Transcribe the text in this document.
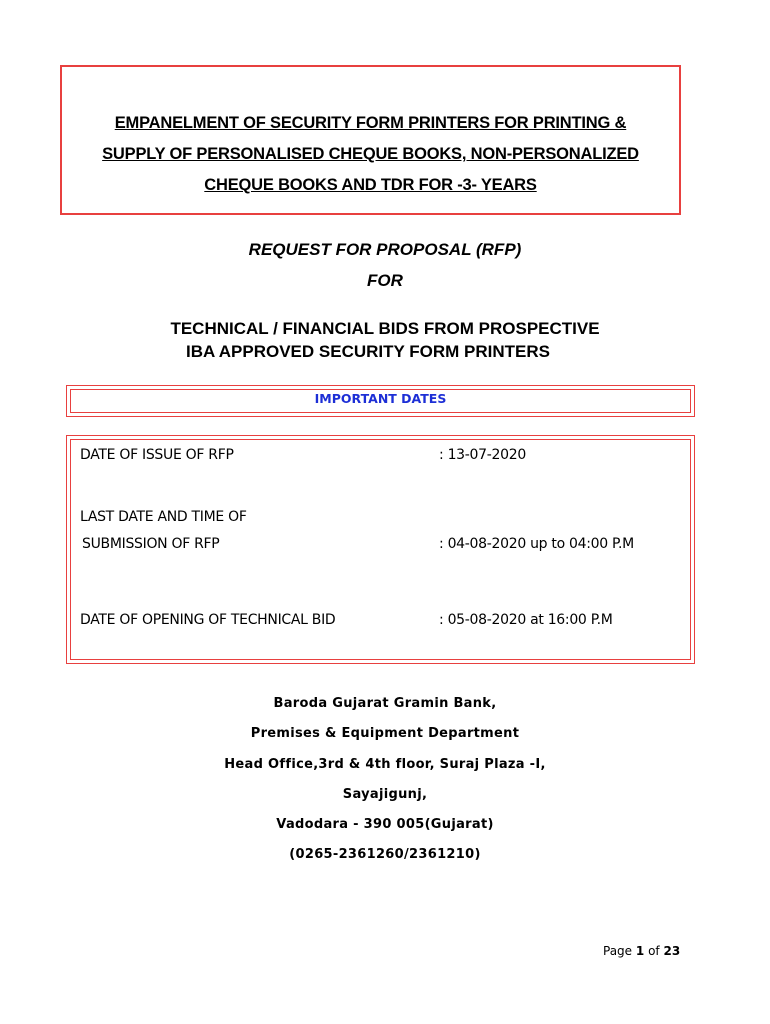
EMPANELMENT OF SECURITY FORM PRINTERS FOR PRINTING &
SUPPLY OF PERSONALISED CHEQUE BOOKS, NON-PERSONALIZED
CHEQUE BOOKS AND TDR FOR -3- YEARS
REQUEST FOR PROPOSAL (RFP)
FOR
TECHNICAL / FINANCIAL BIDS FROM PROSPECTIVE
IBA APPROVED SECURITY FORM PRINTERS
IMPORTANT DATES
DATE OF ISSUE OF RFP	: 13-07-2020
LAST DATE AND TIME OF
SUBMISSION OF RFP	: 04-08-2020 up to 04:00 P.M
DATE OF OPENING OF TECHNICAL BID	: 05-08-2020 at 16:00 P.M
Baroda Gujarat Gramin Bank,
Premises & Equipment Department
Head Office,3rd & 4th floor, Suraj Plaza -I,
Sayajigunj,
Vadodara - 390 005(Gujarat)
(0265-2361260/2361210)
Page 1 of 23
